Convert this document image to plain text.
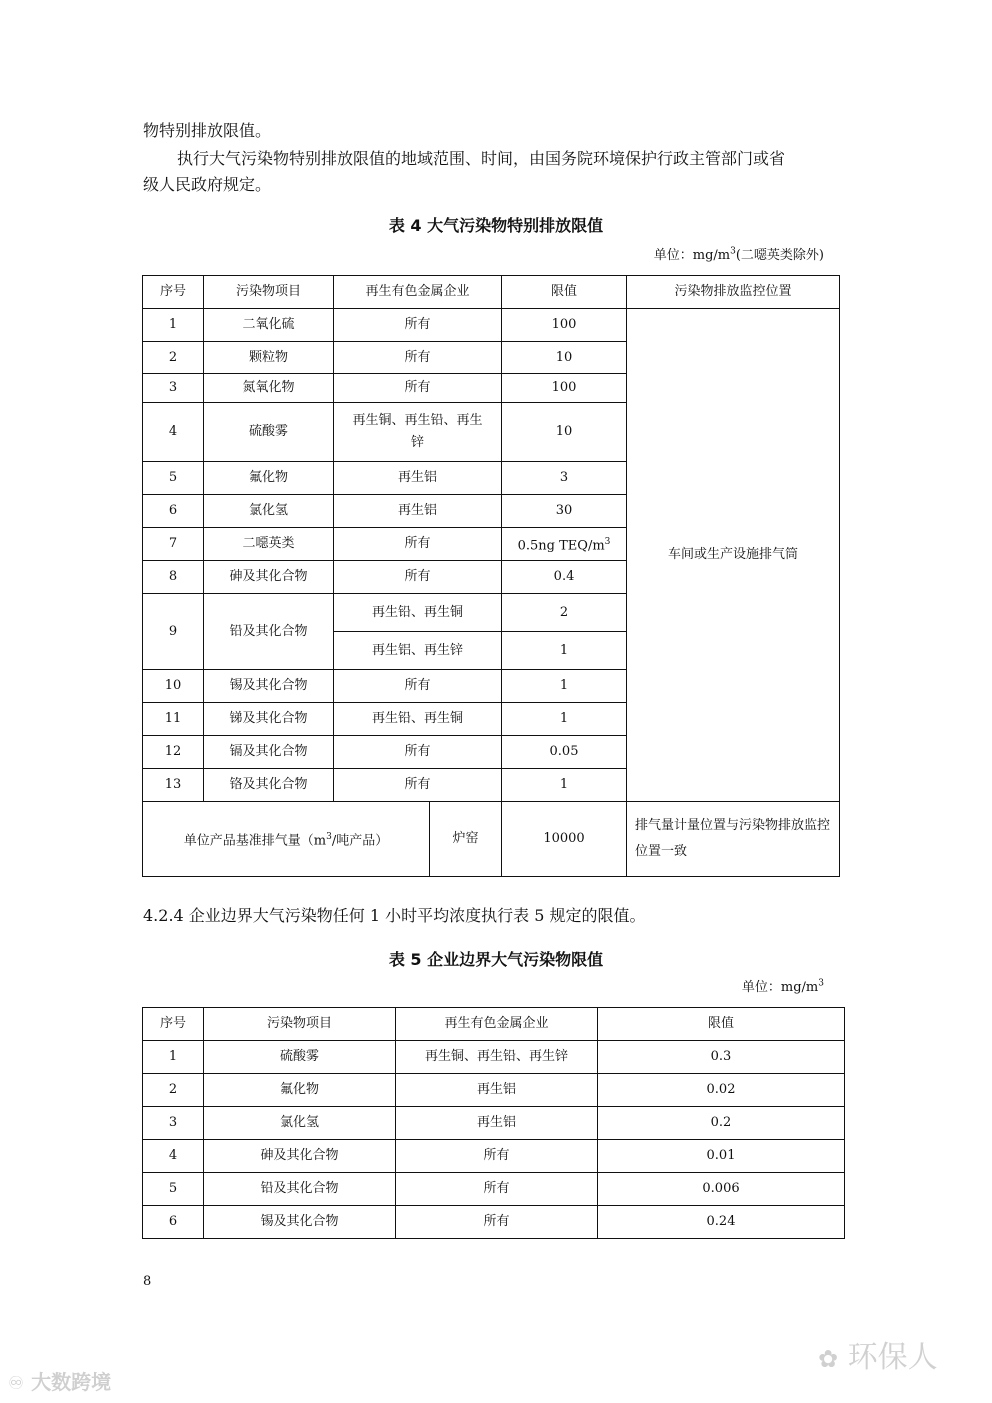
物特别排放限值。

执行大气污染物特别排放限值的地域范围、时间，由国务院环境保护行政主管部门或省

级人民政府规定。

表 4 大气污染物特别排放限值
单位：$mg/m^3$(二噁英类除外)
序号	污染物项目	再生有色金属企业		限值	污染物排放监控位置
1	二氧化硫	所有		100	车间或生产设施排气筒
2	颗粒物	所有		10	
3	氮氧化物	所有		100	
4	硫酸雾	再生铜、再生铅、再生锌		10	
5	氟化物	再生铝		3	
6	氯化氢	再生铝		30	
7	二噁英类	所有		0.5ng TEQ/$m^3$
8	砷及其化合物	所有		0.4	
9	铅及其化合物	再生铅、再生铜		2	
		再生铝、再生锌		1	
10	锡及其化合物	所有		1	
11	锑及其化合物	再生铅、再生铜		1	
12	镉及其化合物	所有		0.05	
13	铬及其化合物	所有		1	
单位产品基准排气量（$m^3/$吨产品）			炉窑	10000	排气量计量位置与污染物排放监控位置一致

4.2.4 企业边界大气污染物任何 1 小时平均浓度执行表 5 规定的限值。

表 5 企业边界大气污染物限值
单位：$mg/m^3$
序号	污染物项目	再生有色金属企业	限值
1	硫酸雾	再生铜、再生铅、再生锌	0.3
2	氟化物	再生铝	0.02
3	氯化氢	再生铝	0.2
4	砷及其化合物	所有	0.01
5	铅及其化合物	所有	0.006
6	锡及其化合物	所有	0.24
8
♾ 大数跨境
✿ 环保人
